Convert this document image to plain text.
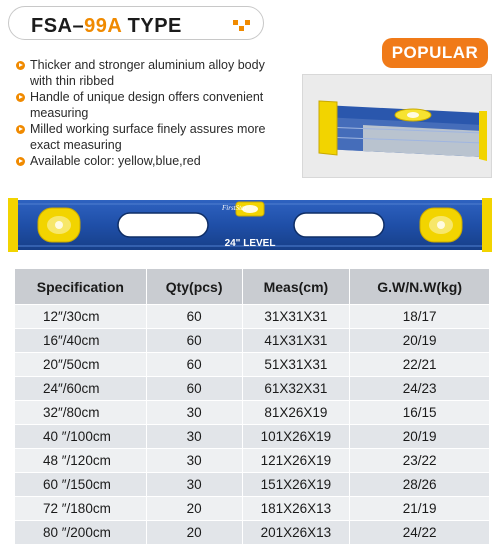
FSA–99A TYPE
POPULAR
Thicker and stronger aluminium alloy body with thin ribbed
Handle of unique design offers convenient measuring
Milled working surface finely assures more exact measuring
Available color: yellow,blue,red
FirstStar
24" LEVEL
Specification	Qty(pcs)	Meas(cm)	G.W/N.W(kg)
12″/30cm	60	31X31X31	18/17
16″/40cm	60	41X31X31	20/19
20″/50cm	60	51X31X31	22/21
24″/60cm	60	61X32X31	24/23
32″/80cm	30	81X26X19	16/15
40 ″/100cm	30	101X26X19	20/19
48 ″/120cm	30	121X26X19	23/22
60 ″/150cm	30	151X26X19	28/26
72 ″/180cm	20	181X26X13	21/19
80 ″/200cm	20	201X26X13	24/22
